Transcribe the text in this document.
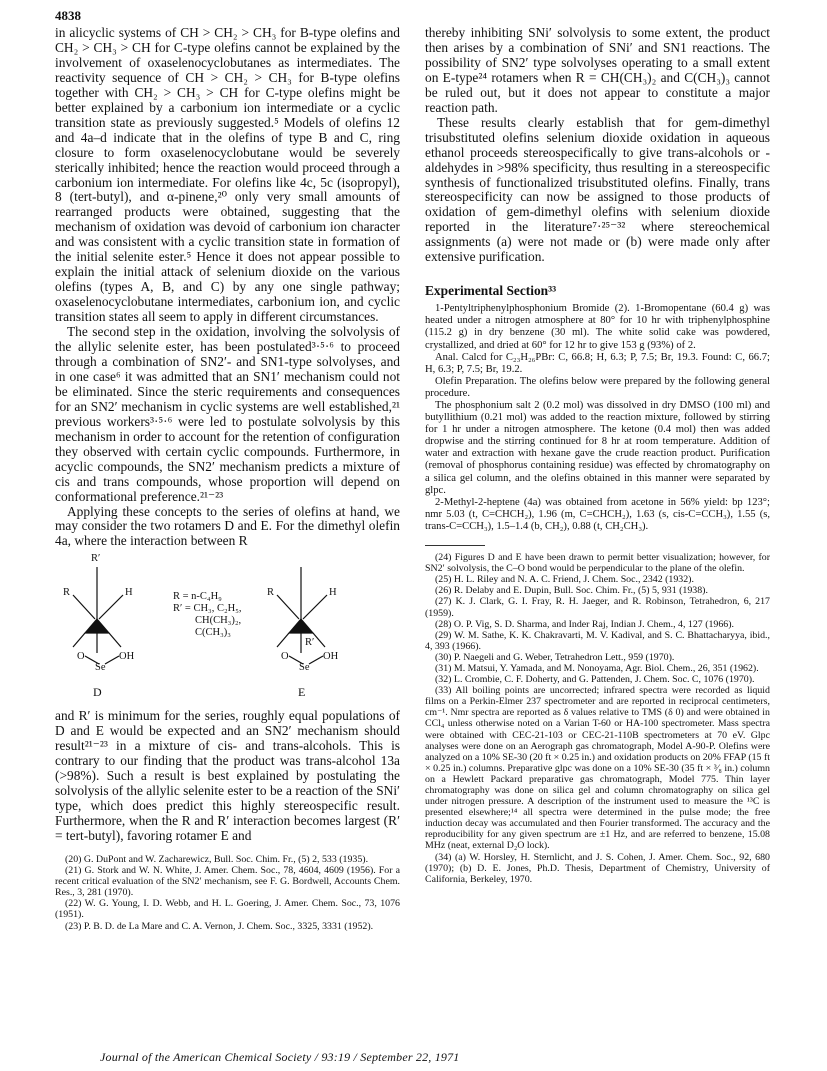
4838

in alicyclic systems of CH > CH₂ > CH₃ for B-type olefins and CH₂ > CH₃ > CH for C-type olefins cannot be explained by the involvement of oxaselenocyclobutanes as intermediates. The reactivity sequence of CH > CH₂ > CH₃ for B-type olefins together with CH₂ > CH₃ > CH for C-type olefins might be better explained by a carbonium ion intermediate or a cyclic transition state as previously suggested.⁵ Models of olefins 12 and 4a–d indicate that in the olefins of type B and C, ring closure to form oxaselenocyclobutane would be severely sterically inhibited; hence the reaction would proceed through a carbonium ion intermediate. For olefins like 4c, 5c (isopropyl), 8 (tert-butyl), and α-pinene,²⁰ only very small amounts of rearranged products were obtained, suggesting that the mechanism of oxidation was devoid of carbonium ion character and was consistent with a cyclic transition state in formation of the initial selenite ester.⁵ Hence it does not appear possible to explain the initial attack of selenium dioxide on the various olefins (types A, B, and C) by any one single pathway; oxaselenocyclobutane intermediates, carbonium ion, and cyclic transition states all seem to apply in different circumstances.

The second step in the oxidation, involving the solvolysis of the allylic selenite ester, has been postulated³·⁵·⁶ to proceed through a combination of SN2′- and SN1-type solvolyses, and in one case⁶ it was admitted that an SN1′ mechanism could not be eliminated. Since the steric requirements and consequences for an SN2′ mechanism in cyclic systems are well established,²¹ previous workers³·⁵·⁶ were led to postulate solvolysis by this mechanism in order to account for the retention of configuration they observed with certain cyclic compounds. Furthermore, in acyclic compounds, the SN2′ mechanism predicts a mixture of cis and trans compounds, whose proportion will depend on conformational preference.²¹⁻²³

Applying these concepts to the series of olefins at hand, we may consider the two rotamers D and E. For the dimethyl olefin 4a, where the interaction between R

R′
R	H
O
Se
OH
D
R = n-C₄H₉
R′ = CH₃, C₂H₅,
CH(CH₃)₂,
C(CH₃)₃
R	H
R′
O
Se
OH
E

and R′ is minimum for the series, roughly equal populations of D and E would be expected and an SN2′ mechanism should result²¹⁻²³ in a mixture of cis- and trans-alcohols. This is contrary to our finding that the product was trans-alcohol 13a (>98%). Such a result is best explained by postulating the solvolysis of the allylic selenite ester to be a reaction of the SNi′ type, which does predict this highly stereospecific result. Furthermore, when the R and R′ interaction becomes largest (R′ = tert-butyl), favoring rotamer E and

(20) G. DuPont and W. Zacharewicz, Bull. Soc. Chim. Fr., (5) 2, 533 (1935).

(21) G. Stork and W. N. White, J. Amer. Chem. Soc., 78, 4604, 4609 (1956). For a recent critical evaluation of the SN2′ mechanism, see F. G. Bordwell, Accounts Chem. Res., 3, 281 (1970).

(22) W. G. Young, I. D. Webb, and H. L. Goering, J. Amer. Chem. Soc., 73, 1076 (1951).

(23) P. B. D. de La Mare and C. A. Vernon, J. Chem. Soc., 3325, 3331 (1952).

thereby inhibiting SNi′ solvolysis to some extent, the product then arises by a combination of SNi′ and SN1 reactions. The possibility of SN2′ type solvolyses operating to a small extent on E-type²⁴ rotamers when R = CH(CH₃)₂ and C(CH₃)₃ cannot be ruled out, but it does not appear to constitute a major reaction path.

These results clearly establish that for gem-dimethyl trisubstituted olefins selenium dioxide oxidation in aqueous ethanol proceeds stereospecifically to give trans-alcohols or -aldehydes in >98% specificity, thus resulting in a stereospecific synthesis of functionalized trisubstituted olefins. Finally, trans stereospecificity can now be assigned to those products of oxidation of gem-dimethyl olefins with selenium dioxide reported in the literature⁷·²⁵⁻³² where stereochemical assignments (a) were not made or (b) were made only after extensive purification.

Experimental Section³³

1-Pentyltriphenylphosphonium Bromide (2). 1-Bromopentane (60.4 g) was heated under a nitrogen atmosphere at 80° for 10 hr with triphenylphosphine (115.2 g) in dry benzene (30 ml). The white solid cake was powdered, crystallized, and dried at 60° for 12 hr to give 153 g (93%) of 2.

Anal. Calcd for C₂₃H₂₆PBr: C, 66.8; H, 6.3; P, 7.5; Br, 19.3. Found: C, 66.7; H, 6.3; P, 7.5; Br, 19.2.

Olefin Preparation. The olefins below were prepared by the following general procedure.

The phosphonium salt 2 (0.2 mol) was dissolved in dry DMSO (100 ml) and butyllithium (0.21 mol) was added to the reaction mixture, followed by stirring for 1 hr under a nitrogen atmosphere. The ketone (0.4 mol) then was added dropwise and the stirring continued for 8 hr at room temperature. Addition of water and extraction with hexane gave the crude reaction product. Purification (removal of phosphorus containing residue) was effected by chromatography on a silica gel column, and the olefins obtained in this manner were separated by glpc.

2-Methyl-2-heptene (4a) was obtained from acetone in 56% yield: bp 123°; nmr 5.03 (t, C=CHCH₂), 1.96 (m, C=CHCH₂), 1.63 (s, cis-C=CCH₃), 1.55 (s, trans-C=CCH₃), 1.5–1.4 (b, CH₂), 0.88 (t, CH₂CH₃).

(24) Figures D and E have been drawn to permit better visualization; however, for SN2′ solvolysis, the C–O bond would be perpendicular to the plane of the olefin.

(25) H. L. Riley and N. A. C. Friend, J. Chem. Soc., 2342 (1932).

(26) R. Delaby and E. Dupin, Bull. Soc. Chim. Fr., (5) 5, 931 (1938).

(27) K. J. Clark, G. I. Fray, R. H. Jaeger, and R. Robinson, Tetrahedron, 6, 217 (1959).

(28) O. P. Vig, S. D. Sharma, and Inder Raj, Indian J. Chem., 4, 127 (1966).

(29) W. M. Sathe, K. K. Chakravarti, M. V. Kadival, and S. C. Bhattacharyya, ibid., 4, 393 (1966).

(30) P. Naegeli and G. Weber, Tetrahedron Lett., 959 (1970).

(31) M. Matsui, Y. Yamada, and M. Nonoyama, Agr. Biol. Chem., 26, 351 (1962).

(32) L. Crombie, C. F. Doherty, and G. Pattenden, J. Chem. Soc. C, 1076 (1970).

(33) All boiling points are uncorrected; infrared spectra were recorded as liquid films on a Perkin-Elmer 237 spectrometer and are reported in reciprocal centimeters, cm⁻¹. Nmr spectra are reported as δ values relative to TMS (δ 0) and were obtained in CCl₄ unless otherwise noted on a Varian T-60 or HA-100 spectrometer. Mass spectra were obtained with CEC-21-103 or CEC-21-110B spectrometers at 70 eV. Glpc analyses were done on an Aerograph gas chromatograph, Model A-90-P. Olefins were analyzed on a 10% SE-30 (20 ft × 0.25 in.) and oxidation products on 20% FFAP (15 ft × 0.25 in.) columns. Preparative glpc was done on a 10% SE-30 (35 ft × ³⁄₈ in.) column on a Hewlett Packard preparative gas chromatograph, Model 775. Thin layer chromatography was done on silica gel and column chromatography on silica gel under nitrogen pressure. A description of the instrument used to measure the ¹³C is presented elsewhere;¹⁴ all spectra were determined in the pulse mode; the free induction decay was accumulated and then Fourier transformed. The accuracy and the reproducibility for any given spectrum are ±1 Hz, and are referred to benzene, 15.08 MHz (neat, external D₂O lock).

(34) (a) W. Horsley, H. Sternlicht, and J. S. Cohen, J. Amer. Chem. Soc., 92, 680 (1970); (b) D. E. Jones, Ph.D. Thesis, Department of Chemistry, University of California, Berkeley, 1970.

Journal of the American Chemical Society / 93:19 / September 22, 1971
